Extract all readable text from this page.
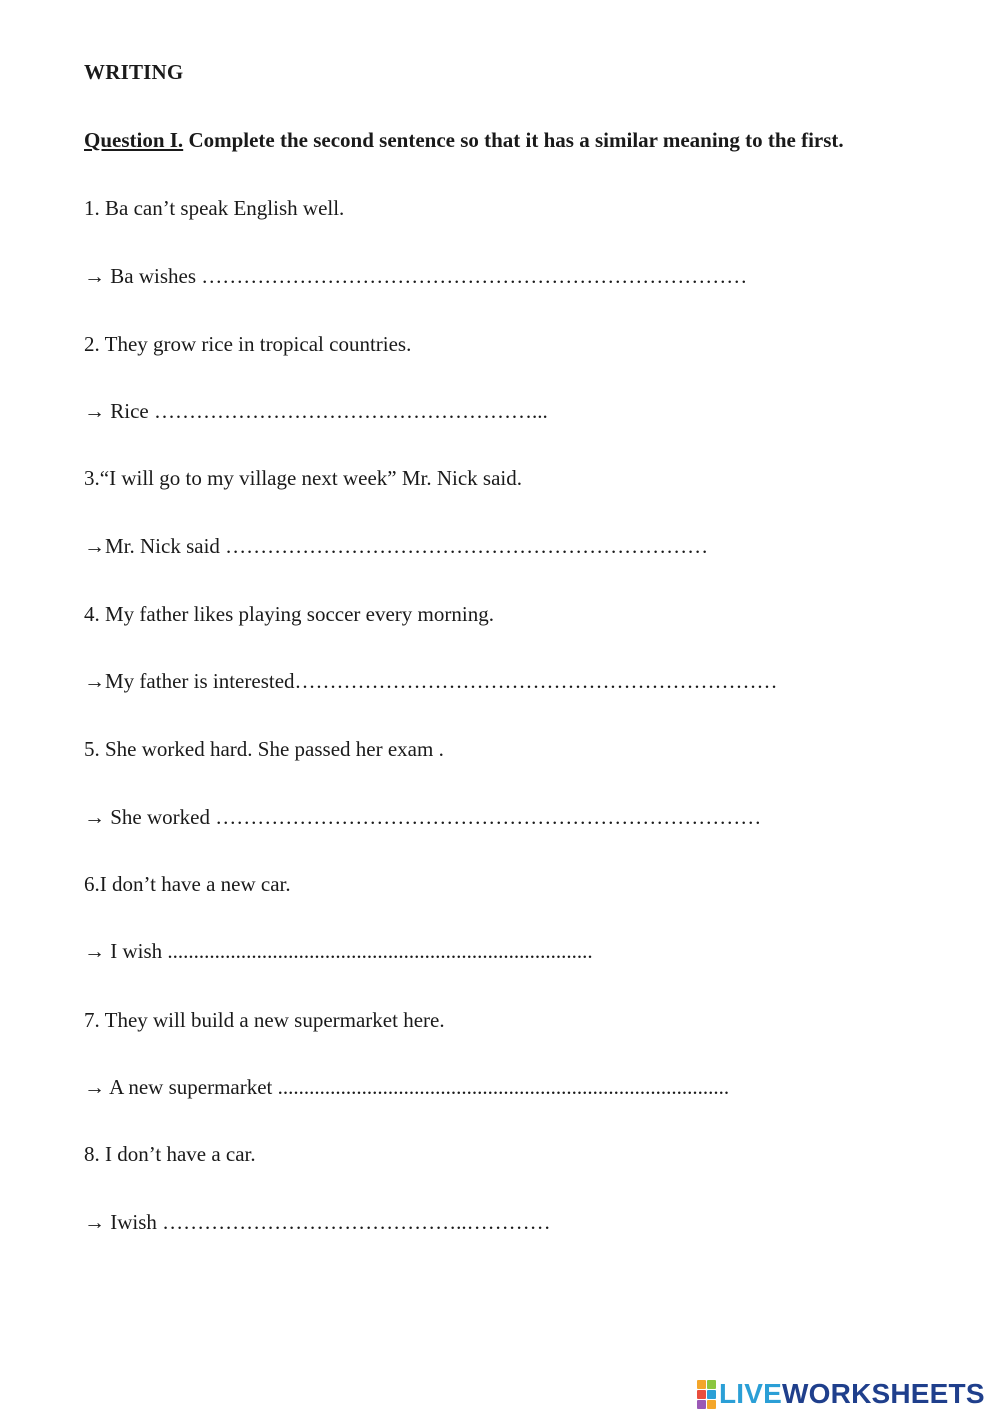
WRITING

Question I. Complete the second sentence so that it has a similar meaning to the first.

1. Ba can’t speak English well.

→ Ba wishes ……………………………………………………………………

2. They grow rice in tropical countries.

→ Rice ………………………………………………...

3.“I will go to my village next week” Mr. Nick said.

→Mr. Nick said ……………………………………………………………

4. My father likes playing soccer every morning.

→My father is interested……………………………………………………………

5. She worked hard. She passed her exam .

→ She worked ……………………………………………………………………

6.I don’t have a new car.

→ I wish .................................................................................

7. They will build a new supermarket here.

→ A new supermarket ......................................................................................

8. I don’t have a car.

→ Iwish ……………………………………..…………

LIVEWORKSHEETS
